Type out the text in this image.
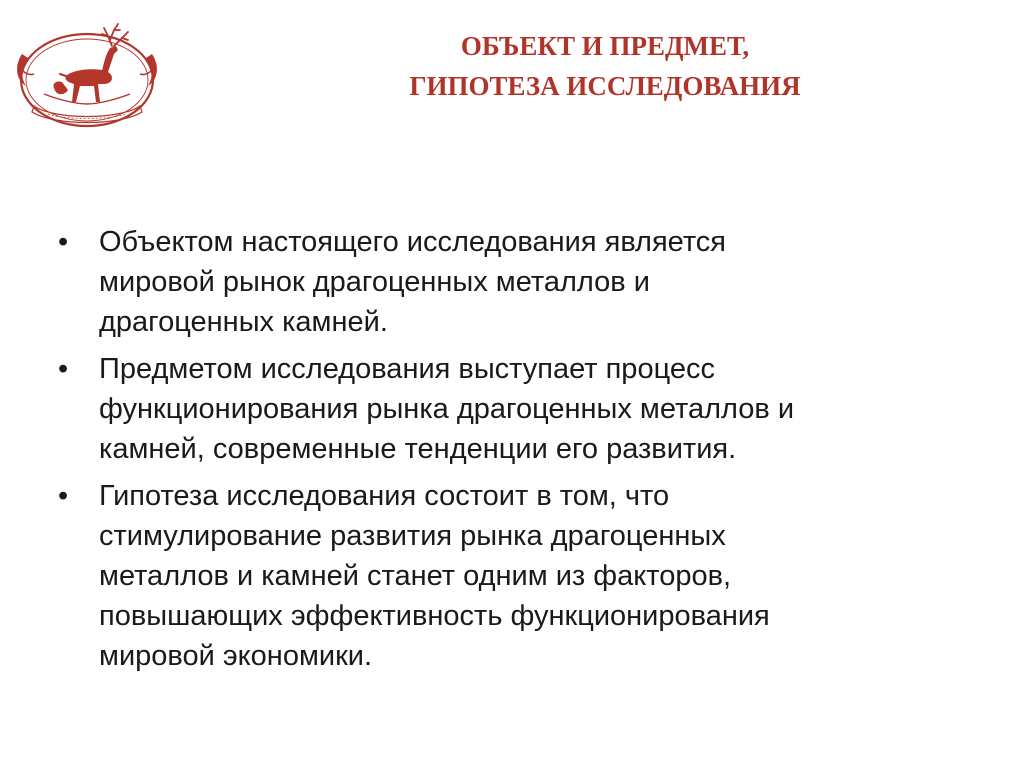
ОБЪЕКТ И ПРЕДМЕТ,
ГИПОТЕЗА ИССЛЕДОВАНИЯ
•	Объектом настоящего исследования является
мировой рынок драгоценных металлов и
драгоценных камней.
•	Предметом исследования выступает процесс
функционирования рынка драгоценных металлов и
камней, современные тенденции его развития.
•	Гипотеза исследования состоит в том, что
стимулирование развития рынка драгоценных
металлов и камней станет одним из факторов,
повышающих эффективность функционирования
мировой экономики.
